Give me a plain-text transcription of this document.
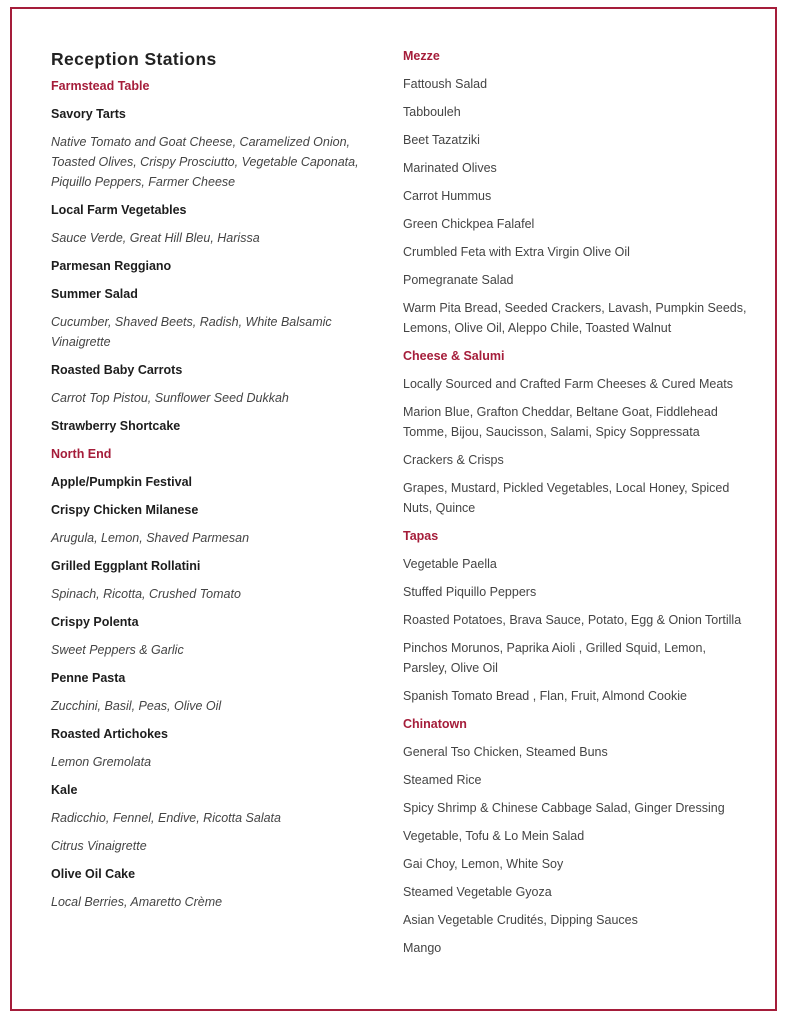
Reception Stations
Farmstead Table
Savory Tarts
Native Tomato and Goat Cheese, Caramelized Onion, Toasted Olives, Crispy Prosciutto, Vegetable Caponata, Piquillo Peppers, Farmer Cheese
Local Farm Vegetables
Sauce Verde, Great Hill Bleu, Harissa
Parmesan Reggiano
Summer Salad
Cucumber, Shaved Beets, Radish, White Balsamic Vinaigrette
Roasted Baby Carrots
Carrot Top Pistou, Sunflower Seed Dukkah
Strawberry Shortcake
North End
Apple/Pumpkin Festival
Crispy Chicken Milanese
Arugula, Lemon, Shaved Parmesan
Grilled Eggplant Rollatini
Spinach, Ricotta, Crushed Tomato
Crispy Polenta
Sweet Peppers & Garlic
Penne Pasta
Zucchini, Basil, Peas, Olive Oil
Roasted Artichokes
Lemon Gremolata
Kale
Radicchio, Fennel, Endive, Ricotta Salata
Citrus Vinaigrette
Olive Oil Cake
Local Berries, Amaretto Crème
Mezze
Fattoush Salad
Tabbouleh
Beet Tazatziki
Marinated Olives
Carrot Hummus
Green Chickpea Falafel
Crumbled Feta with Extra Virgin Olive Oil
Pomegranate Salad
Warm Pita Bread, Seeded Crackers, Lavash, Pumpkin Seeds, Lemons, Olive Oil, Aleppo Chile, Toasted Walnut
Cheese & Salumi
Locally Sourced and Crafted Farm Cheeses & Cured Meats
Marion Blue, Grafton Cheddar, Beltane Goat, Fiddlehead Tomme, Bijou, Saucisson, Salami, Spicy Soppressata
Crackers & Crisps
Grapes, Mustard, Pickled Vegetables, Local Honey, Spiced Nuts, Quince
Tapas
Vegetable Paella
Stuffed Piquillo Peppers
Roasted Potatoes, Brava Sauce, Potato, Egg & Onion Tortilla
Pinchos Morunos, Paprika Aioli , Grilled Squid, Lemon, Parsley, Olive Oil
Spanish Tomato Bread , Flan, Fruit, Almond Cookie
Chinatown
General Tso Chicken, Steamed Buns
Steamed Rice
Spicy Shrimp & Chinese Cabbage Salad, Ginger Dressing
Vegetable, Tofu & Lo Mein Salad
Gai Choy, Lemon, White Soy
Steamed Vegetable Gyoza
Asian Vegetable Crudités, Dipping Sauces
Mango
